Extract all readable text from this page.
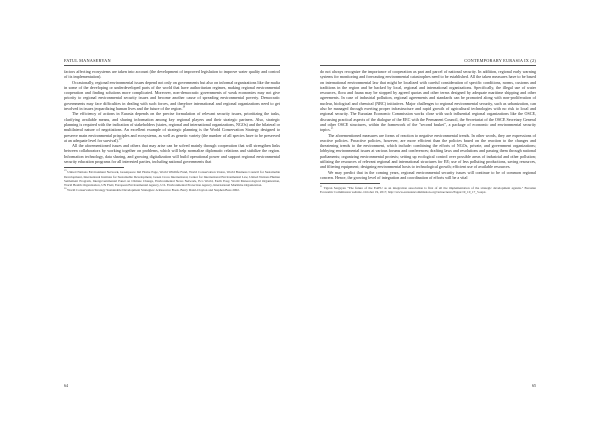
FATUL MANASERYAN

factors affecting ecosystems are taken into account (the development of improved legislation to improve water quality and control of its implementation).

Occasionally, regional environmental issues depend not only on governments but also on informal organizations like the mafia in some of the developing or underdeveloped parts of the world that have authoritarian regimes, making regional environmental cooperation and finding solutions more complicated. Moreover, non-democratic governments of weak economies may not give priority to regional environmental security issues and become another cause of spreading environmental poverty. Democratic governments may face difficulties in dealing with such forces, and therefore international and regional organizations need to get involved in issues jeopardizing human lives and the future of the region.$^{19}$

The efficiency of actions in Eurasia depends on the precise formulation of relevant security issues, prioritizing the tasks, clarifying available means, and sharing information among key regional players and their strategic partners. Also, strategic planning is required with the indication of stakeholders (states, regional and international organizations, NGOs) and the bilateral or multilateral nature of negotiations. An excellent example of strategic planning is the World Conservation Strategy designed to preserve main environmental principles and ecosystems, as well as genetic variety (the number of all species have to be preserved at an adequate level for survival).$^{20}$

All the aforementioned issues and others that may arise can be solved mainly through cooperation that will strengthen links between collaborators by working together on problems, which will help normalize diplomatic relations and stabilize the region. Information technology, data sharing, and growing digitalization will build operational power and support regional environmental security education programs for all interested parties, including national governments that

$^{19}$ United Nations Environment Network, Greenpeace Intl Home Page, World Wildlife Fund, World Conservation Union, World Business Council for Sustainable Development, International Institute for Sustainable Development, Green Cross International, Center for International Environmental Law, United Nations Human Settlement Program, Intergovernmental Panel on Climate Change, Environmental News Network, Eco World, Earth Easy, World Meteorological Organization, World Health Organization, UN FAO, European Environmental Agency, U.S. Environmental Protection Agency, International Maritime Organization.

$^{20}$ World Conservation Strategy Sustainable Development Strategies: A Resource Book. Barry Dalal-Clayton and Stephen Bass 2002.

64
CONTEMPORARY EURASIA IX (2)

do not always recognize the importance of cooperation as part and parcel of national security. In addition, regional early warning systems for monitoring and forecasting environmental catastrophes need to be established. All the taken measures have to be based on international environmental law that might be localized with careful consideration of specific conditions, norms, customs and traditions in the region and be backed by local, regional and international organizations. Specifically, the illegal use of water resources, flora and fauna may be stopped by agreed quotas and other terms designed by adequate maritime shipping and other agreements. In case of industrial pollution, regional agreements and standards can be promoted along with non-proliferation of nuclear, biological and chemical (NBC) initiatives. Major challenges to regional environmental security, such as urbanization, can also be managed through exerting proper infrastructure and rapid growth of agricultural technologies with no risk to local and regional security. The Eurasian Economic Commission works close with such influential regional organizations like the OSCE, discussing practical aspects of the dialogue of the EEC with the Permanent Council, the Secretariat of the OSCE Secretary General and other OSCE structures, within the framework of the "second basket", a package of economic and environmental security topics.$^{21}$

The aforementioned measures are forms of reaction to negative environmental trends. In other words, they are expressions of reactive policies. Proactive policies, however, are more efficient than the policies based on the reaction to the changes and threatening trends to the environment, which include: combining the efforts of NGOs, private, and government organizations; lobbying environmental issues at various forums and conferences; drafting laws and resolutions and passing them through national parliaments; organizing environmental protests; setting up ecological control over possible areas of industrial and other pollution; utilizing the resources of relevant regional and international structures for EE; use of less polluting productions, saving resources, and filtering equipment; designing environmental hosts to technological growth; efficient use of available resources.

We may predict that in the coming years, regional environmental security issues will continue to be of common regional concern. Hence, the growing level of integration and coordination of efforts will be a vital

$^{21}$ Tigran Sargsyan "The future of the EAEU as an integration association is first of all the implementation of the strategic development agenda." Eurasian Economic Commission website. October 19, 2017, http://www.eurasiancommission.org/ru/nae/news/Pages/19_10_17_5.aspx.

65
